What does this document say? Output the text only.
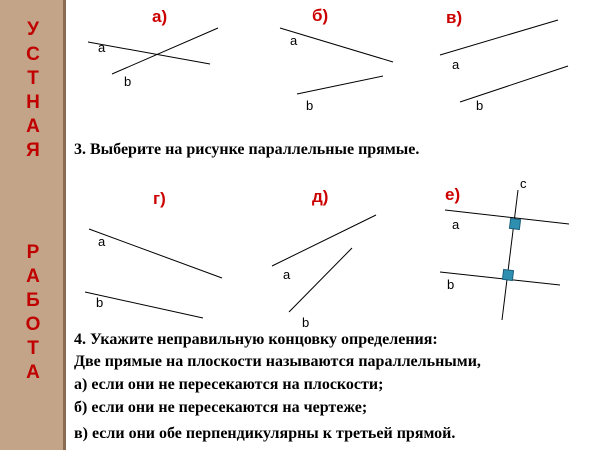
У
С
Т
Н
А
Я
Р
А
Б
О
Т
А
а)	б)	в)
г)	д)	е)
a
b
a
b
a
b
a
b
a
b
a
b
c
3. Выберите на рисунке параллельные прямые.
4. Укажите неправильную концовку определения:
Две прямые на плоскости называются параллельными,
а) если они не пересекаются на плоскости;
б) если они не пересекаются на чертеже;
в) если они обе перпендикулярны к третьей прямой.
